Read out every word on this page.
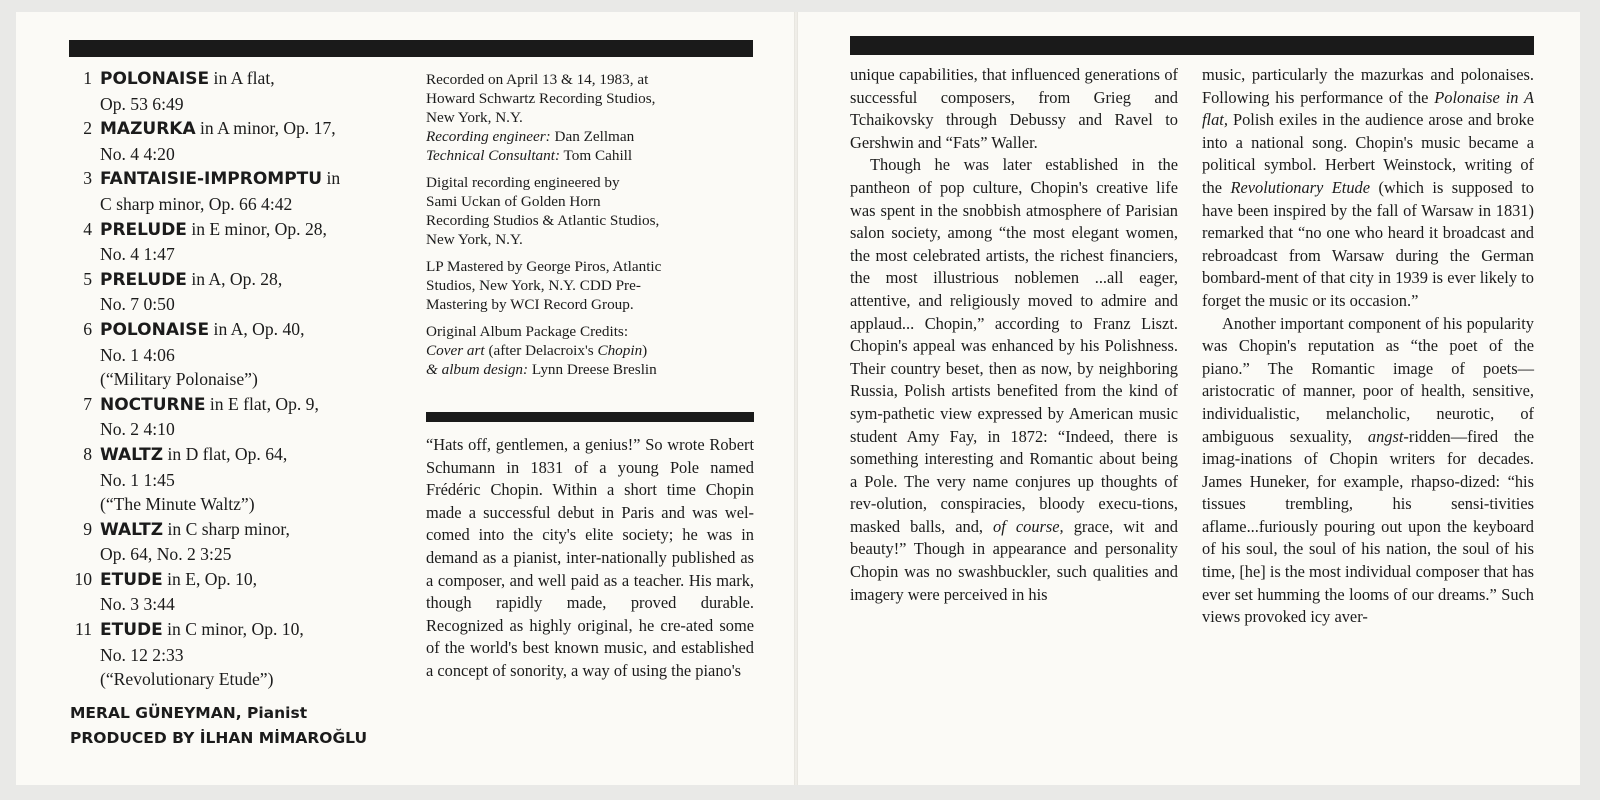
1 POLONAISE in A flat,
Op. 53 6:49
2 MAZURKA in A minor, Op. 17,
No. 4 4:20
3 FANTAISIE-IMPROMPTU in
C sharp minor, Op. 66 4:42
4 PRELUDE in E minor, Op. 28,
No. 4 1:47
5 PRELUDE in A, Op. 28,
No. 7 0:50
6 POLONAISE in A, Op. 40,
No. 1 4:06
(“Military Polonaise”)
7 NOCTURNE in E flat, Op. 9,
No. 2 4:10
8 WALTZ in D flat, Op. 64,
No. 1 1:45
(“The Minute Waltz”)
9 WALTZ in C sharp minor,
Op. 64, No. 2 3:25
10 ETUDE in E, Op. 10,
No. 3 3:44
11 ETUDE in C minor, Op. 10,
No. 12 2:33
(“Revolutionary Etude”)
MERAL GÜNEYMAN, Pianist
PRODUCED BY İLHAN MİMAROĞLU
Recorded on April 13 & 14, 1983, at
Howard Schwartz Recording Studios,
New York, N.Y.
Recording engineer: Dan Zellman
Technical Consultant: Tom Cahill
Digital recording engineered by
Sami Uckan of Golden Horn
Recording Studios & Atlantic Studios,
New York, N.Y.
LP Mastered by George Piros, Atlantic
Studios, New York, N.Y. CDD Pre-
Mastering by WCI Record Group.
Original Album Package Credits:
Cover art (after Delacroix's Chopin)
& album design: Lynn Dreese Breslin

“Hats off, gentlemen, a genius!” So wrote Robert Schumann in 1831 of a young Pole named Frédéric Chopin. Within a short time Chopin made a successful debut in Paris and was wel-comed into the city's elite society; he was in demand as a pianist, inter-nationally published as a composer, and well paid as a teacher. His mark, though rapidly made, proved durable. Recognized as highly original, he cre-ated some of the world's best known music, and established a concept of sonority, a way of using the piano's

unique capabilities, that influenced generations of successful composers, from Grieg and Tchaikovsky through Debussy and Ravel to Gershwin and “Fats” Waller.

Though he was later established in the pantheon of pop culture, Chopin's creative life was spent in the snobbish atmosphere of Parisian salon society, among “the most elegant women, the most celebrated artists, the richest financiers, the most illustrious noblemen ...all eager, attentive, and religiously moved to admire and applaud... Chopin,” according to Franz Liszt. Chopin's appeal was enhanced by his Polishness. Their country beset, then as now, by neighboring Russia, Polish artists benefited from the kind of sym-pathetic view expressed by American music student Amy Fay, in 1872: “Indeed, there is something interesting and Romantic about being a Pole. The very name conjures up thoughts of rev-olution, conspiracies, bloody execu-tions, masked balls, and, of course, grace, wit and beauty!” Though in appearance and personality Chopin was no swashbuckler, such qualities and imagery were perceived in his

music, particularly the mazurkas and polonaises. Following his performance of the Polonaise in A flat, Polish exiles in the audience arose and broke into a national song. Chopin's music became a political symbol. Herbert Weinstock, writing of the Revolutionary Etude (which is supposed to have been inspired by the fall of Warsaw in 1831) remarked that “no one who heard it broadcast and rebroadcast from Warsaw during the German bombard-ment of that city in 1939 is ever likely to forget the music or its occasion.”

Another important component of his popularity was Chopin's reputation as “the poet of the piano.” The Romantic image of poets—aristocratic of manner, poor of health, sensitive, individualistic, melancholic, neurotic, of ambiguous sexuality, angst-ridden—fired the imag-inations of Chopin writers for decades. James Huneker, for example, rhapso-dized: “his tissues trembling, his sensi-tivities aflame...furiously pouring out upon the keyboard of his soul, the soul of his nation, the soul of his time, [he] is the most individual composer that has ever set humming the looms of our dreams.” Such views provoked icy aver-
